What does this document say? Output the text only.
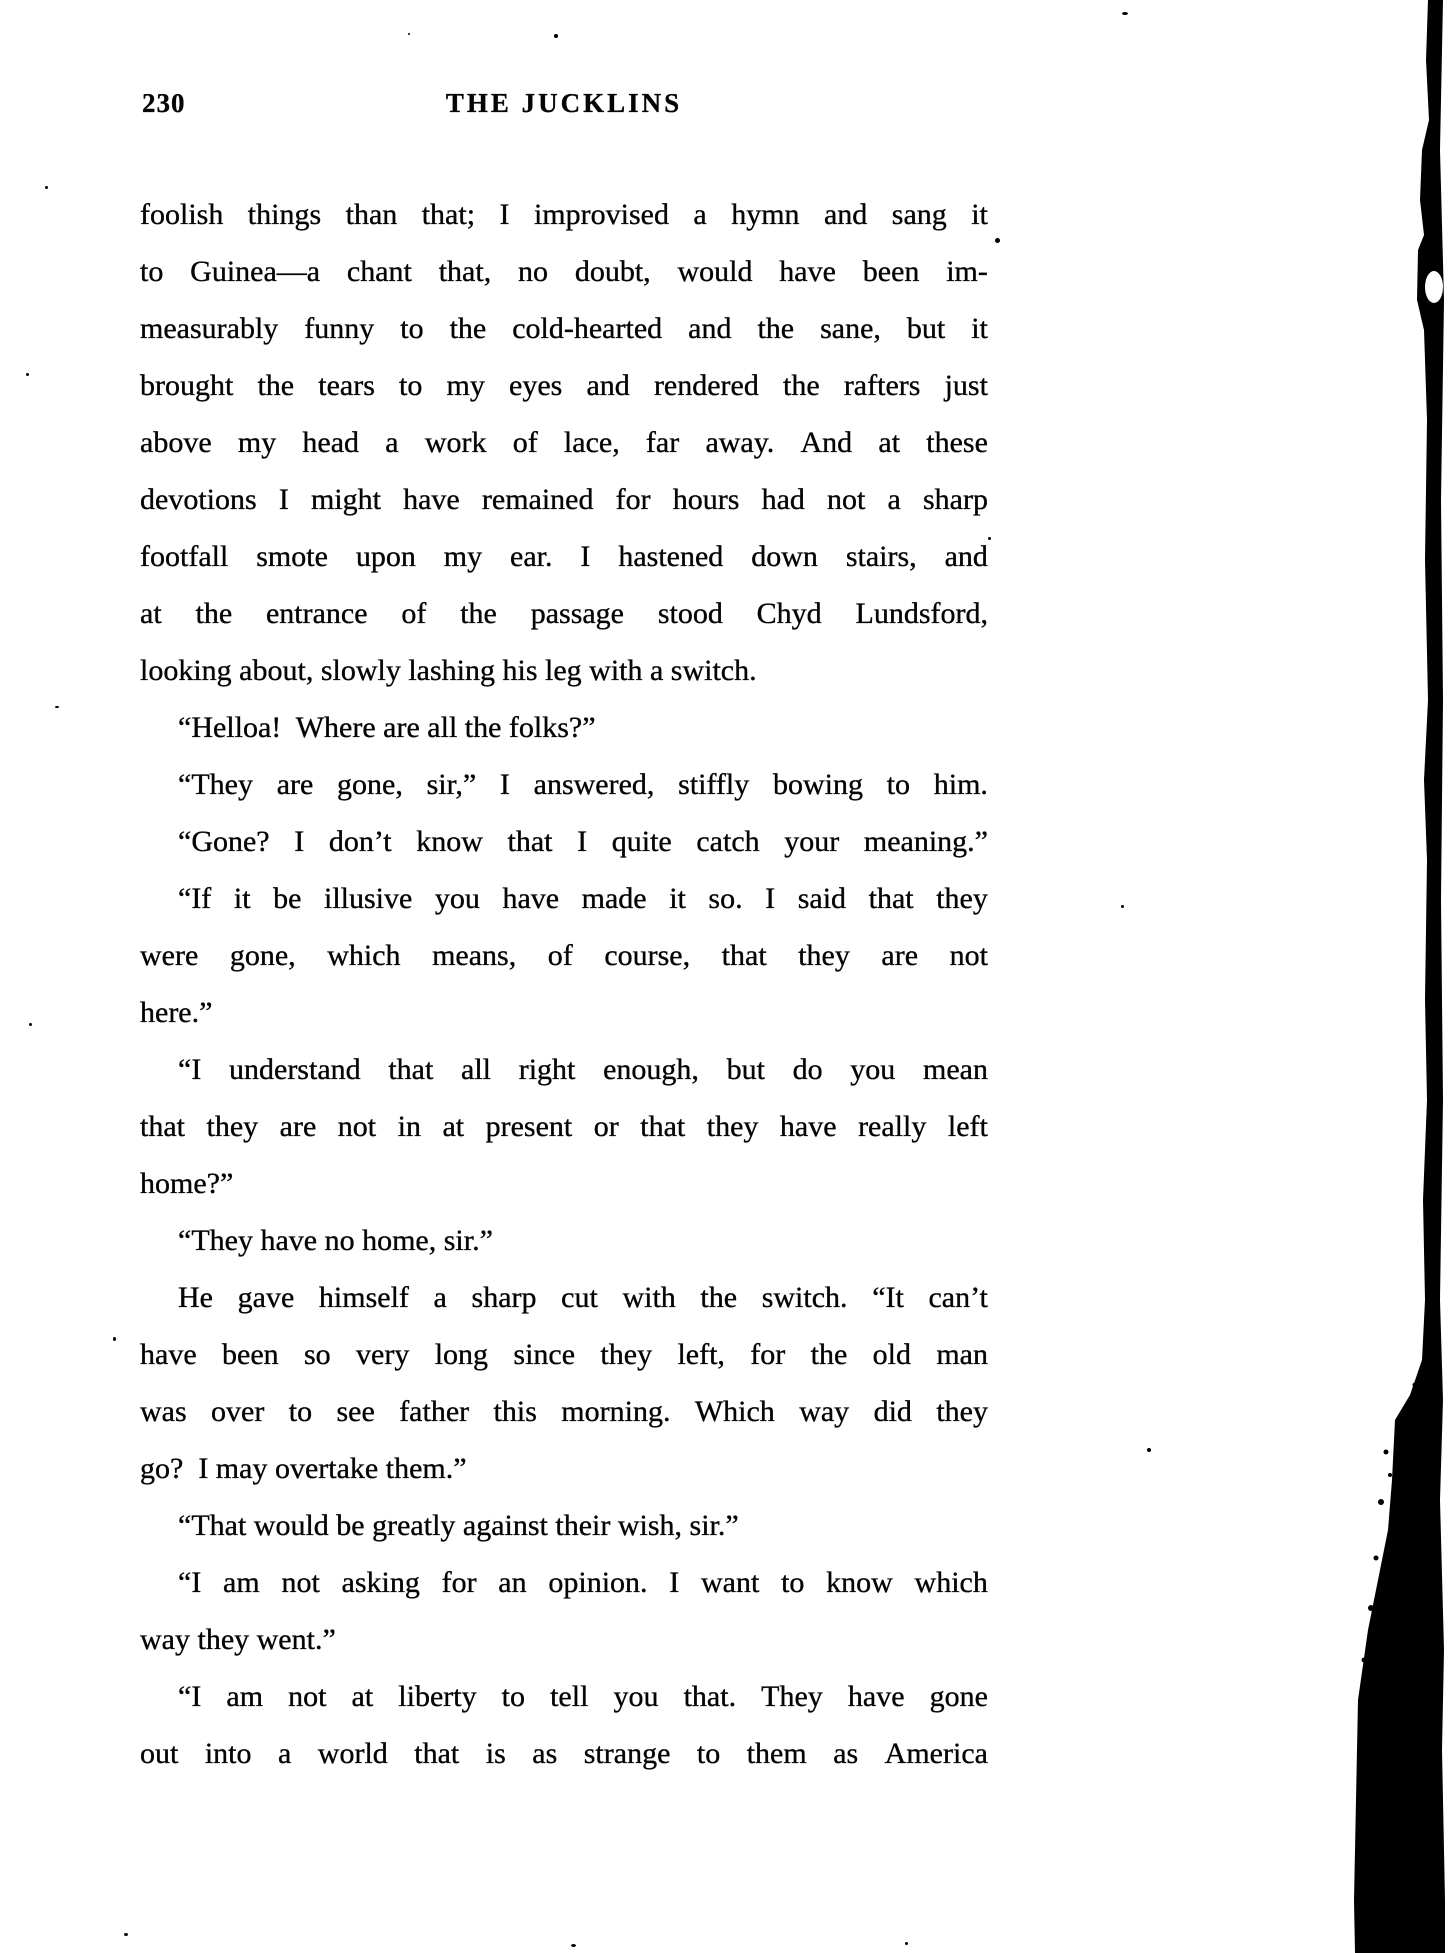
230	THE JUCKLINS
foolish things than that; I improvised a hymn and sang it
to Guinea—a chant that, no doubt, would have been im-
measurably funny to the cold-hearted and the sane, but it
brought the tears to my eyes and rendered the rafters just
above my head a work of lace, far away. And at these
devotions I might have remained for hours had not a sharp
footfall smote upon my ear. I hastened down stairs, and
at the entrance of the passage stood Chyd Lundsford,
looking about, slowly lashing his leg with a switch.
“Helloa!  Where are all the folks?”
“They are gone, sir,” I answered, stiffly bowing to him.
“Gone? I don’t know that I quite catch your meaning.”
“If it be illusive you have made it so. I said that they
were gone, which means, of course, that they are not
here.”
“I understand that all right enough, but do you mean
that they are not in at present or that they have really left
home?”
“They have no home, sir.”
He gave himself a sharp cut with the switch. “It can’t
have been so very long since they left, for the old man
was over to see father this morning. Which way did they
go?  I may overtake them.”
“That would be greatly against their wish, sir.”
“I am not asking for an opinion. I want to know which
way they went.”
“I am not at liberty to tell you that. They have gone
out into a world that is as strange to them as America
